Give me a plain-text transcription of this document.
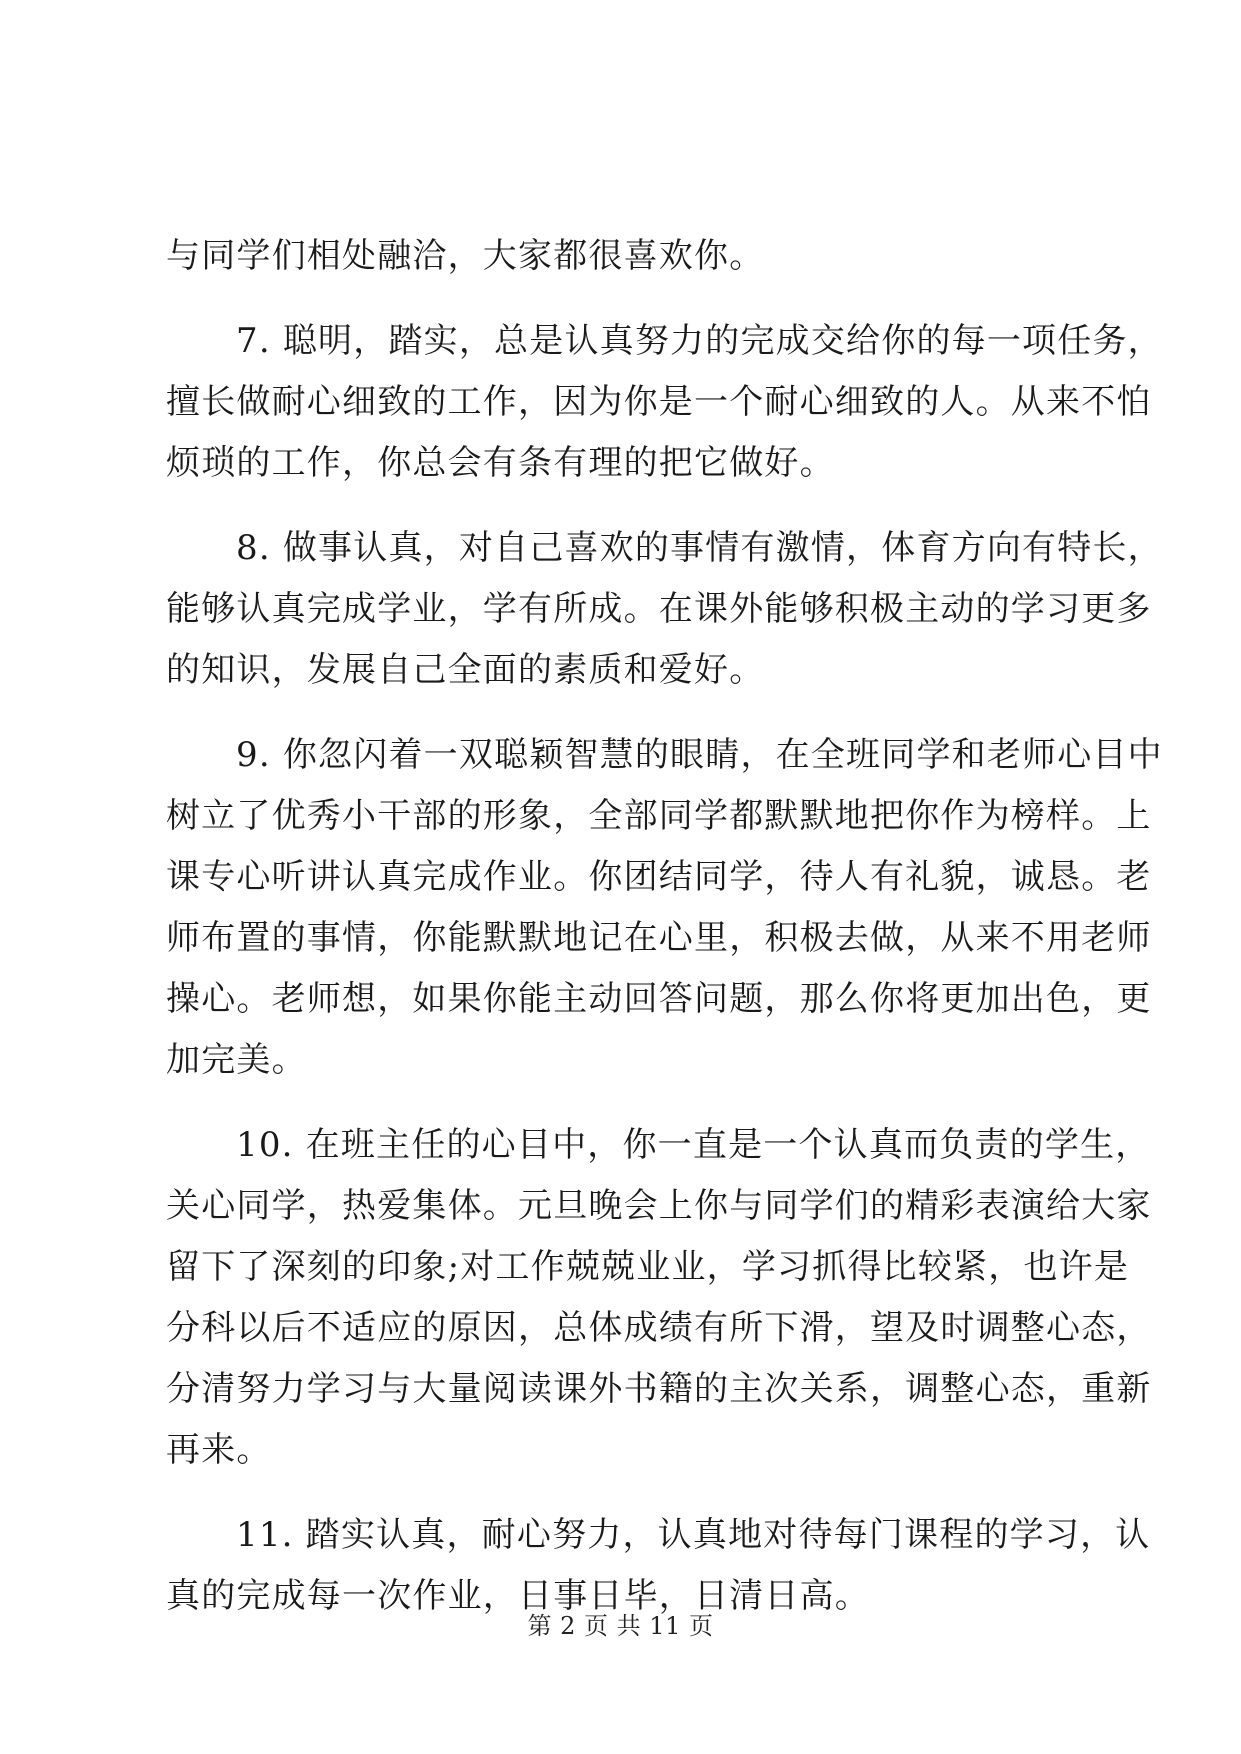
与同学们相处融洽，大家都很喜欢你。

7. 聪明，踏实，总是认真努力的完成交给你的每一项任务，
擅长做耐心细致的工作，因为你是一个耐心细致的人。从来不怕
烦琐的工作，你总会有条有理的把它做好。

8. 做事认真，对自己喜欢的事情有激情，体育方向有特长，
能够认真完成学业，学有所成。在课外能够积极主动的学习更多
的知识，发展自己全面的素质和爱好。

9. 你忽闪着一双聪颖智慧的眼睛，在全班同学和老师心目中
树立了优秀小干部的形象，全部同学都默默地把你作为榜样。上
课专心听讲认真完成作业。你团结同学，待人有礼貌，诚恳。老
师布置的事情，你能默默地记在心里，积极去做，从来不用老师
操心。老师想，如果你能主动回答问题，那么你将更加出色，更
加完美。

10. 在班主任的心目中，你一直是一个认真而负责的学生，
关心同学，热爱集体。元旦晚会上你与同学们的精彩表演给大家
留下了深刻的印象;对工作兢兢业业，学习抓得比较紧，也许是
分科以后不适应的原因，总体成绩有所下滑，望及时调整心态，
分清努力学习与大量阅读课外书籍的主次关系，调整心态，重新
再来。

11. 踏实认真，耐心努力，认真地对待每门课程的学习，认
真的完成每一次作业，日事日毕，日清日高。

第 2 页 共 11 页
